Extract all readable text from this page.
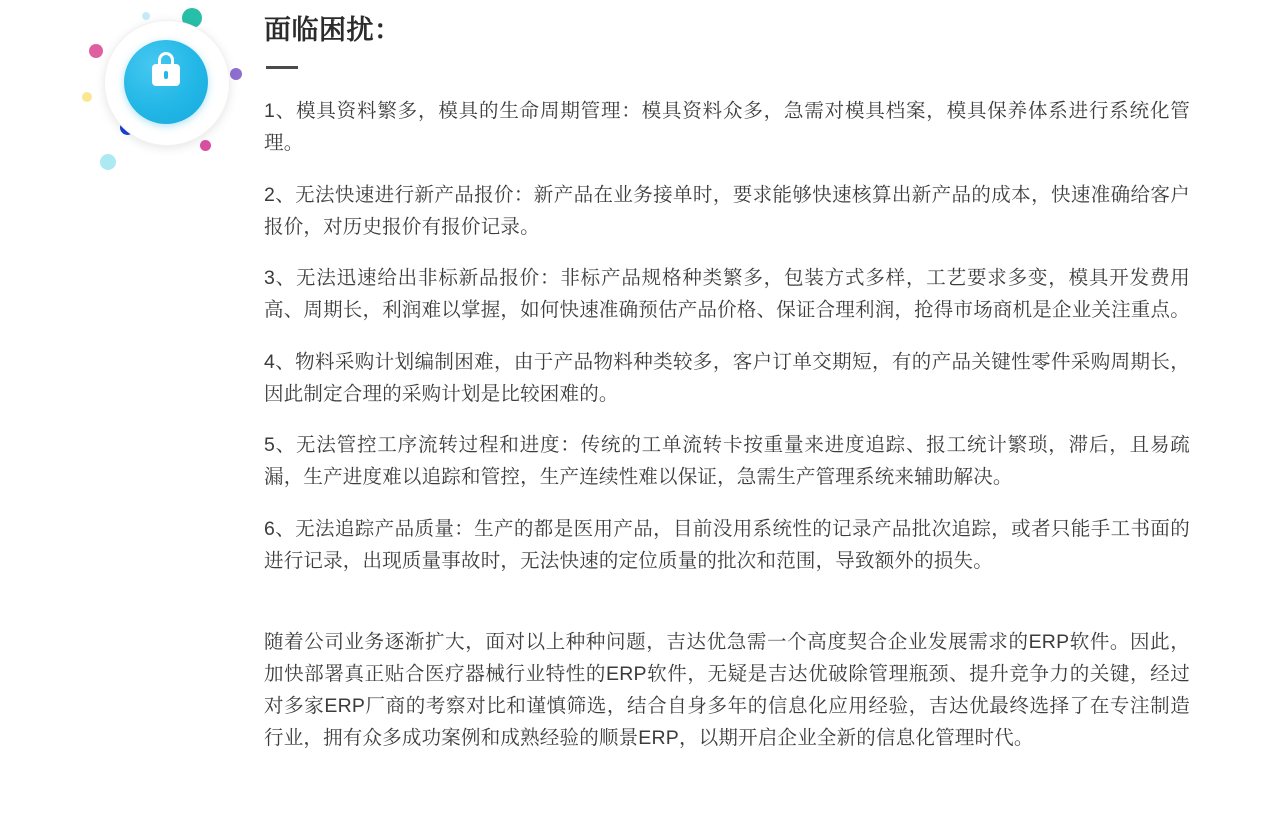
面临困扰：

1、模具资料繁多，模具的生命周期管理：模具资料众多，急需对模具档案，模具保养体系进行系统化管理。

2、无法快速进行新产品报价：新产品在业务接单时，要求能够快速核算出新产品的成本，快速准确给客户报价，对历史报价有报价记录。

3、无法迅速给出非标新品报价：非标产品规格种类繁多，包装方式多样，工艺要求多变，模具开发费用高、周期长，利润难以掌握，如何快速准确预估产品价格、保证合理利润，抢得市场商机是企业关注重点。

4、物料采购计划编制困难，由于产品物料种类较多，客户订单交期短，有的产品关键性零件采购周期长，因此制定合理的采购计划是比较困难的。

5、无法管控工序流转过程和进度：传统的工单流转卡按重量来进度追踪、报工统计繁琐，滞后，且易疏漏，生产进度难以追踪和管控，生产连续性难以保证，急需生产管理系统来辅助解决。

6、无法追踪产品质量：生产的都是医用产品，目前没用系统性的记录产品批次追踪，或者只能手工书面的进行记录，出现质量事故时，无法快速的定位质量的批次和范围，导致额外的损失。

随着公司业务逐渐扩大，面对以上种种问题，吉达优急需一个高度契合企业发展需求的ERP软件。因此，加快部署真正贴合医疗器械行业特性的ERP软件，无疑是吉达优破除管理瓶颈、提升竞争力的关键，经过对多家ERP厂商的考察对比和谨慎筛选，结合自身多年的信息化应用经验，吉达优最终选择了在专注制造行业，拥有众多成功案例和成熟经验的顺景ERP，以期开启企业全新的信息化管理时代。
